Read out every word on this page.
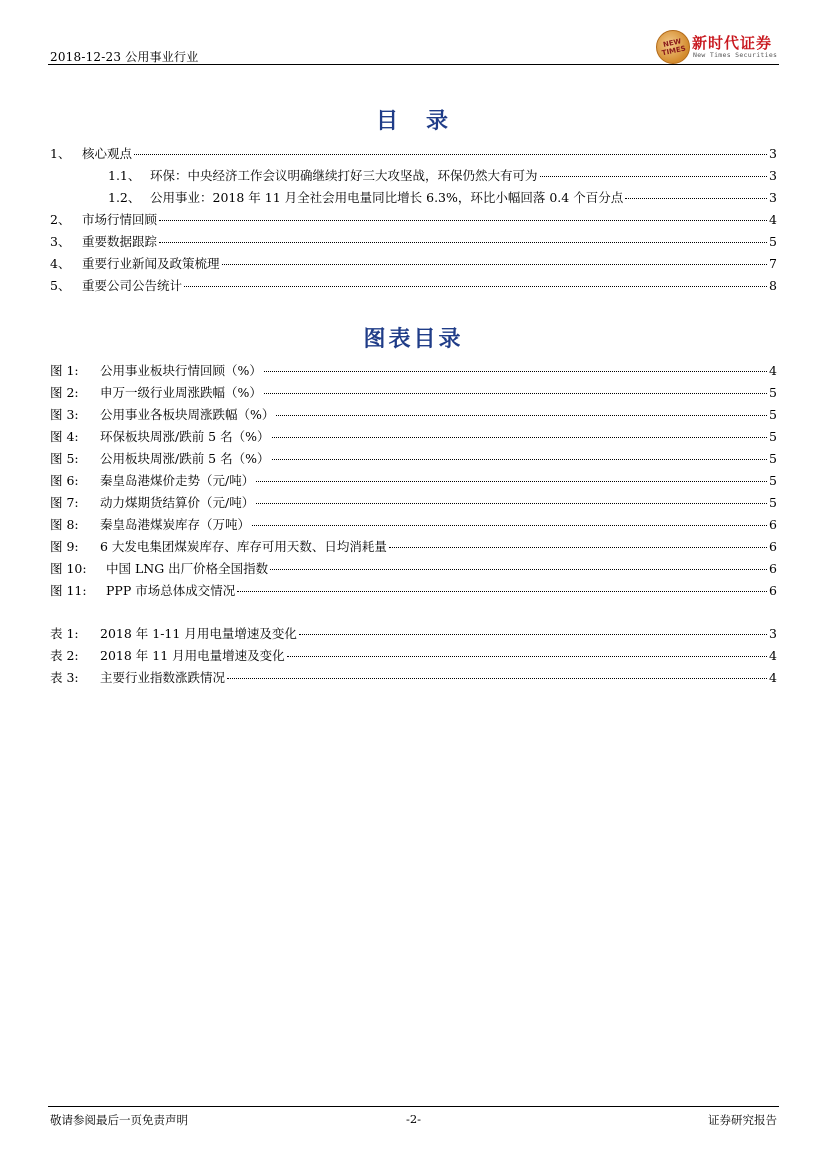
2018-12-23 公用事业行业
NEW TIMES 新时代证券
New Times Securities
目　录
1、 核心观点	3
1.1、 环保：中央经济工作会议明确继续打好三大攻坚战，环保仍然大有可为	3
1.2、 公用事业：2018 年 11 月全社会用电量同比增长 6.3%，环比小幅回落 0.4 个百分点	3
2、 市场行情回顾	4
3、 重要数据跟踪	5
4、 重要行业新闻及政策梳理	7
5、 重要公司公告统计	8
图表目录
图 1:	公用事业板块行情回顾（%）	4
图 2:	申万一级行业周涨跌幅（%）	5
图 3:	公用事业各板块周涨跌幅（%）	5
图 4:	环保板块周涨/跌前 5 名（%）	5
图 5:	公用板块周涨/跌前 5 名（%）	5
图 6:	秦皇岛港煤价走势（元/吨）	5
图 7:	动力煤期货结算价（元/吨）	5
图 8:	秦皇岛港煤炭库存（万吨）	6
图 9:	6 大发电集团煤炭库存、库存可用天数、日均消耗量	6
图 10:	中国 LNG 出厂价格全国指数	6
图 11:	PPP 市场总体成交情况	6
表 1:	2018 年 1-11 月用电量增速及变化	3
表 2:	2018 年 11 月用电量增速及变化	4
表 3:	主要行业指数涨跌情况	4
敬请参阅最后一页免责声明	-2-	证券研究报告
